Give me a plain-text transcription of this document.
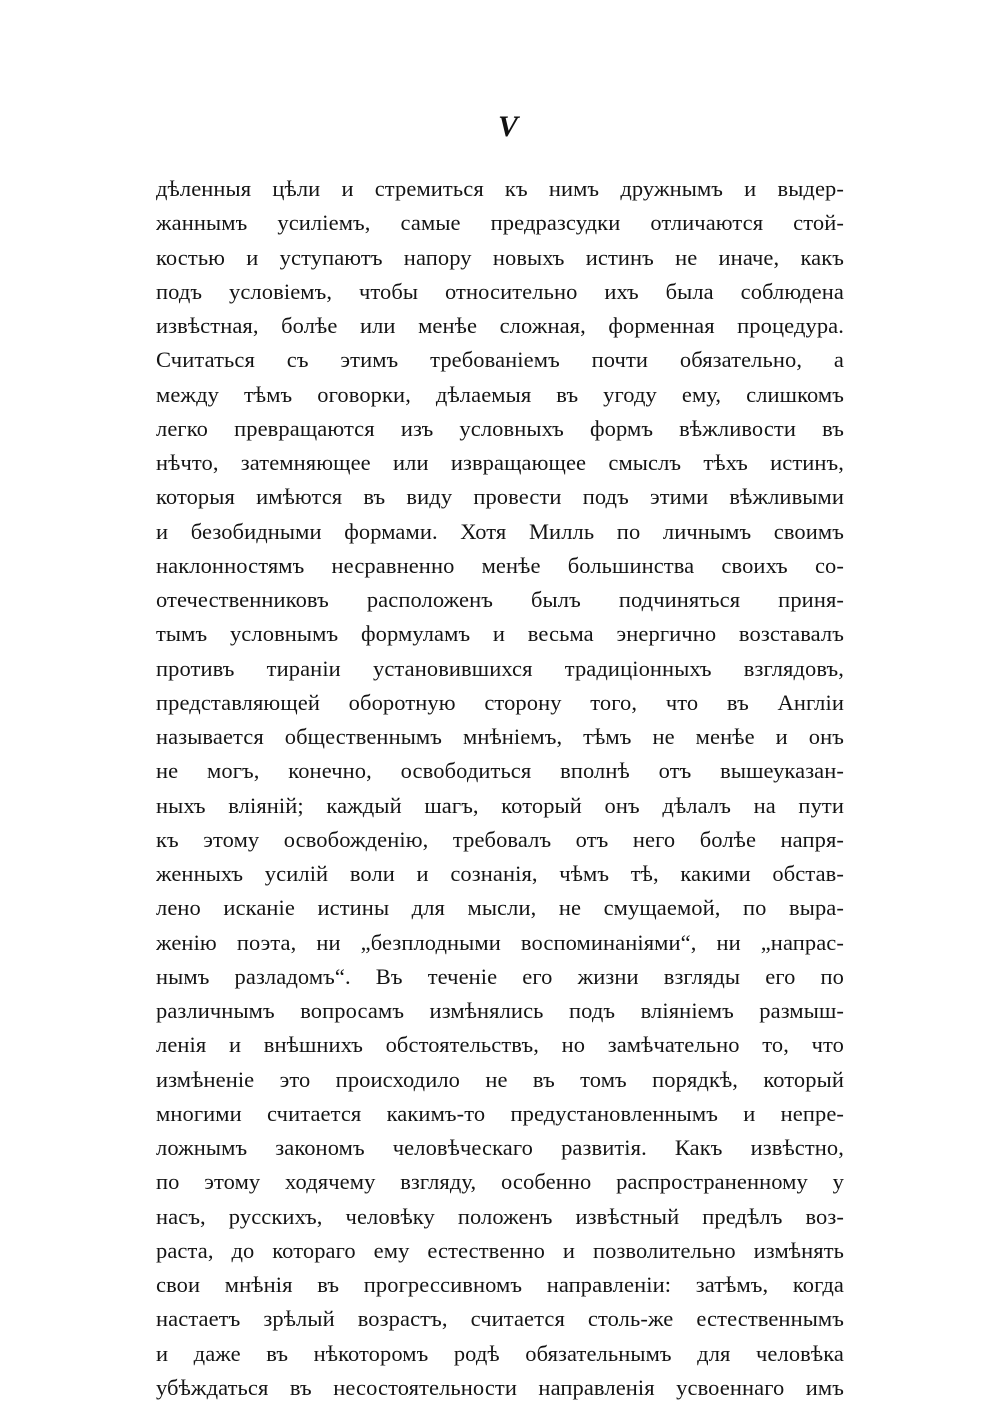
V
дѣленныя цѣли и стремиться къ нимъ дружнымъ и выдер-
жаннымъ усиліемъ, самые предразсудки отличаются стой-
костью и уступаютъ напору новыхъ истинъ не иначе, какъ
подъ условіемъ, чтобы относительно ихъ была соблюдена
извѣстная, болѣе или менѣе сложная, форменная процедура.
Считаться съ этимъ требованіемъ почти обязательно, а
между тѣмъ оговорки, дѣлаемыя въ угоду ему, слишкомъ
легко превращаются изъ условныхъ формъ вѣжливости въ
нѣчто, затемняющее или извращающее смыслъ тѣхъ истинъ,
которыя имѣются въ виду провести подъ этими вѣжливыми
и безобидными формами. Хотя Милль по личнымъ своимъ
наклонностямъ несравненно менѣе большинства своихъ со-
отечественниковъ расположенъ былъ подчиняться приня-
тымъ условнымъ формуламъ и весьма энергично возставалъ
противъ тираніи установившихся традиціонныхъ взглядовъ,
представляющей оборотную сторону того, что въ Англіи
называется общественнымъ мнѣніемъ, тѣмъ не менѣе и онъ
не могъ, конечно, освободиться вполнѣ отъ вышеуказан-
ныхъ вліяній; каждый шагъ, который онъ дѣлалъ на пути
къ этому освобожденію, требовалъ отъ него болѣе напря-
женныхъ усилій воли и сознанія, чѣмъ тѣ, какими обстав-
лено исканіе истины для мысли, не смущаемой, по выра-
женію поэта, ни „безплодными воспоминаніями“, ни „напрас-
нымъ разладомъ“. Въ теченіе его жизни взгляды его по
различнымъ вопросамъ измѣнялись подъ вліяніемъ размыш-
ленія и внѣшнихъ обстоятельствъ, но замѣчательно то, что
измѣненіе это происходило не въ томъ порядкѣ, который
многими считается какимъ-то предустановленнымъ и непре-
ложнымъ закономъ человѣческаго развитія. Какъ извѣстно,
по этому ходячему взгляду, особенно распространенному у
насъ, русскихъ, человѣку положенъ извѣстный предѣлъ воз-
раста, до котораго ему естественно и позволительно измѣнять
свои мнѣнія въ прогрессивномъ направленіи: затѣмъ, когда
настаетъ зрѣлый возрастъ, считается столь-же естественнымъ
и даже въ нѣкоторомъ родѣ обязательнымъ для человѣка
убѣждаться въ несостоятельности направленія усвоеннаго имъ
